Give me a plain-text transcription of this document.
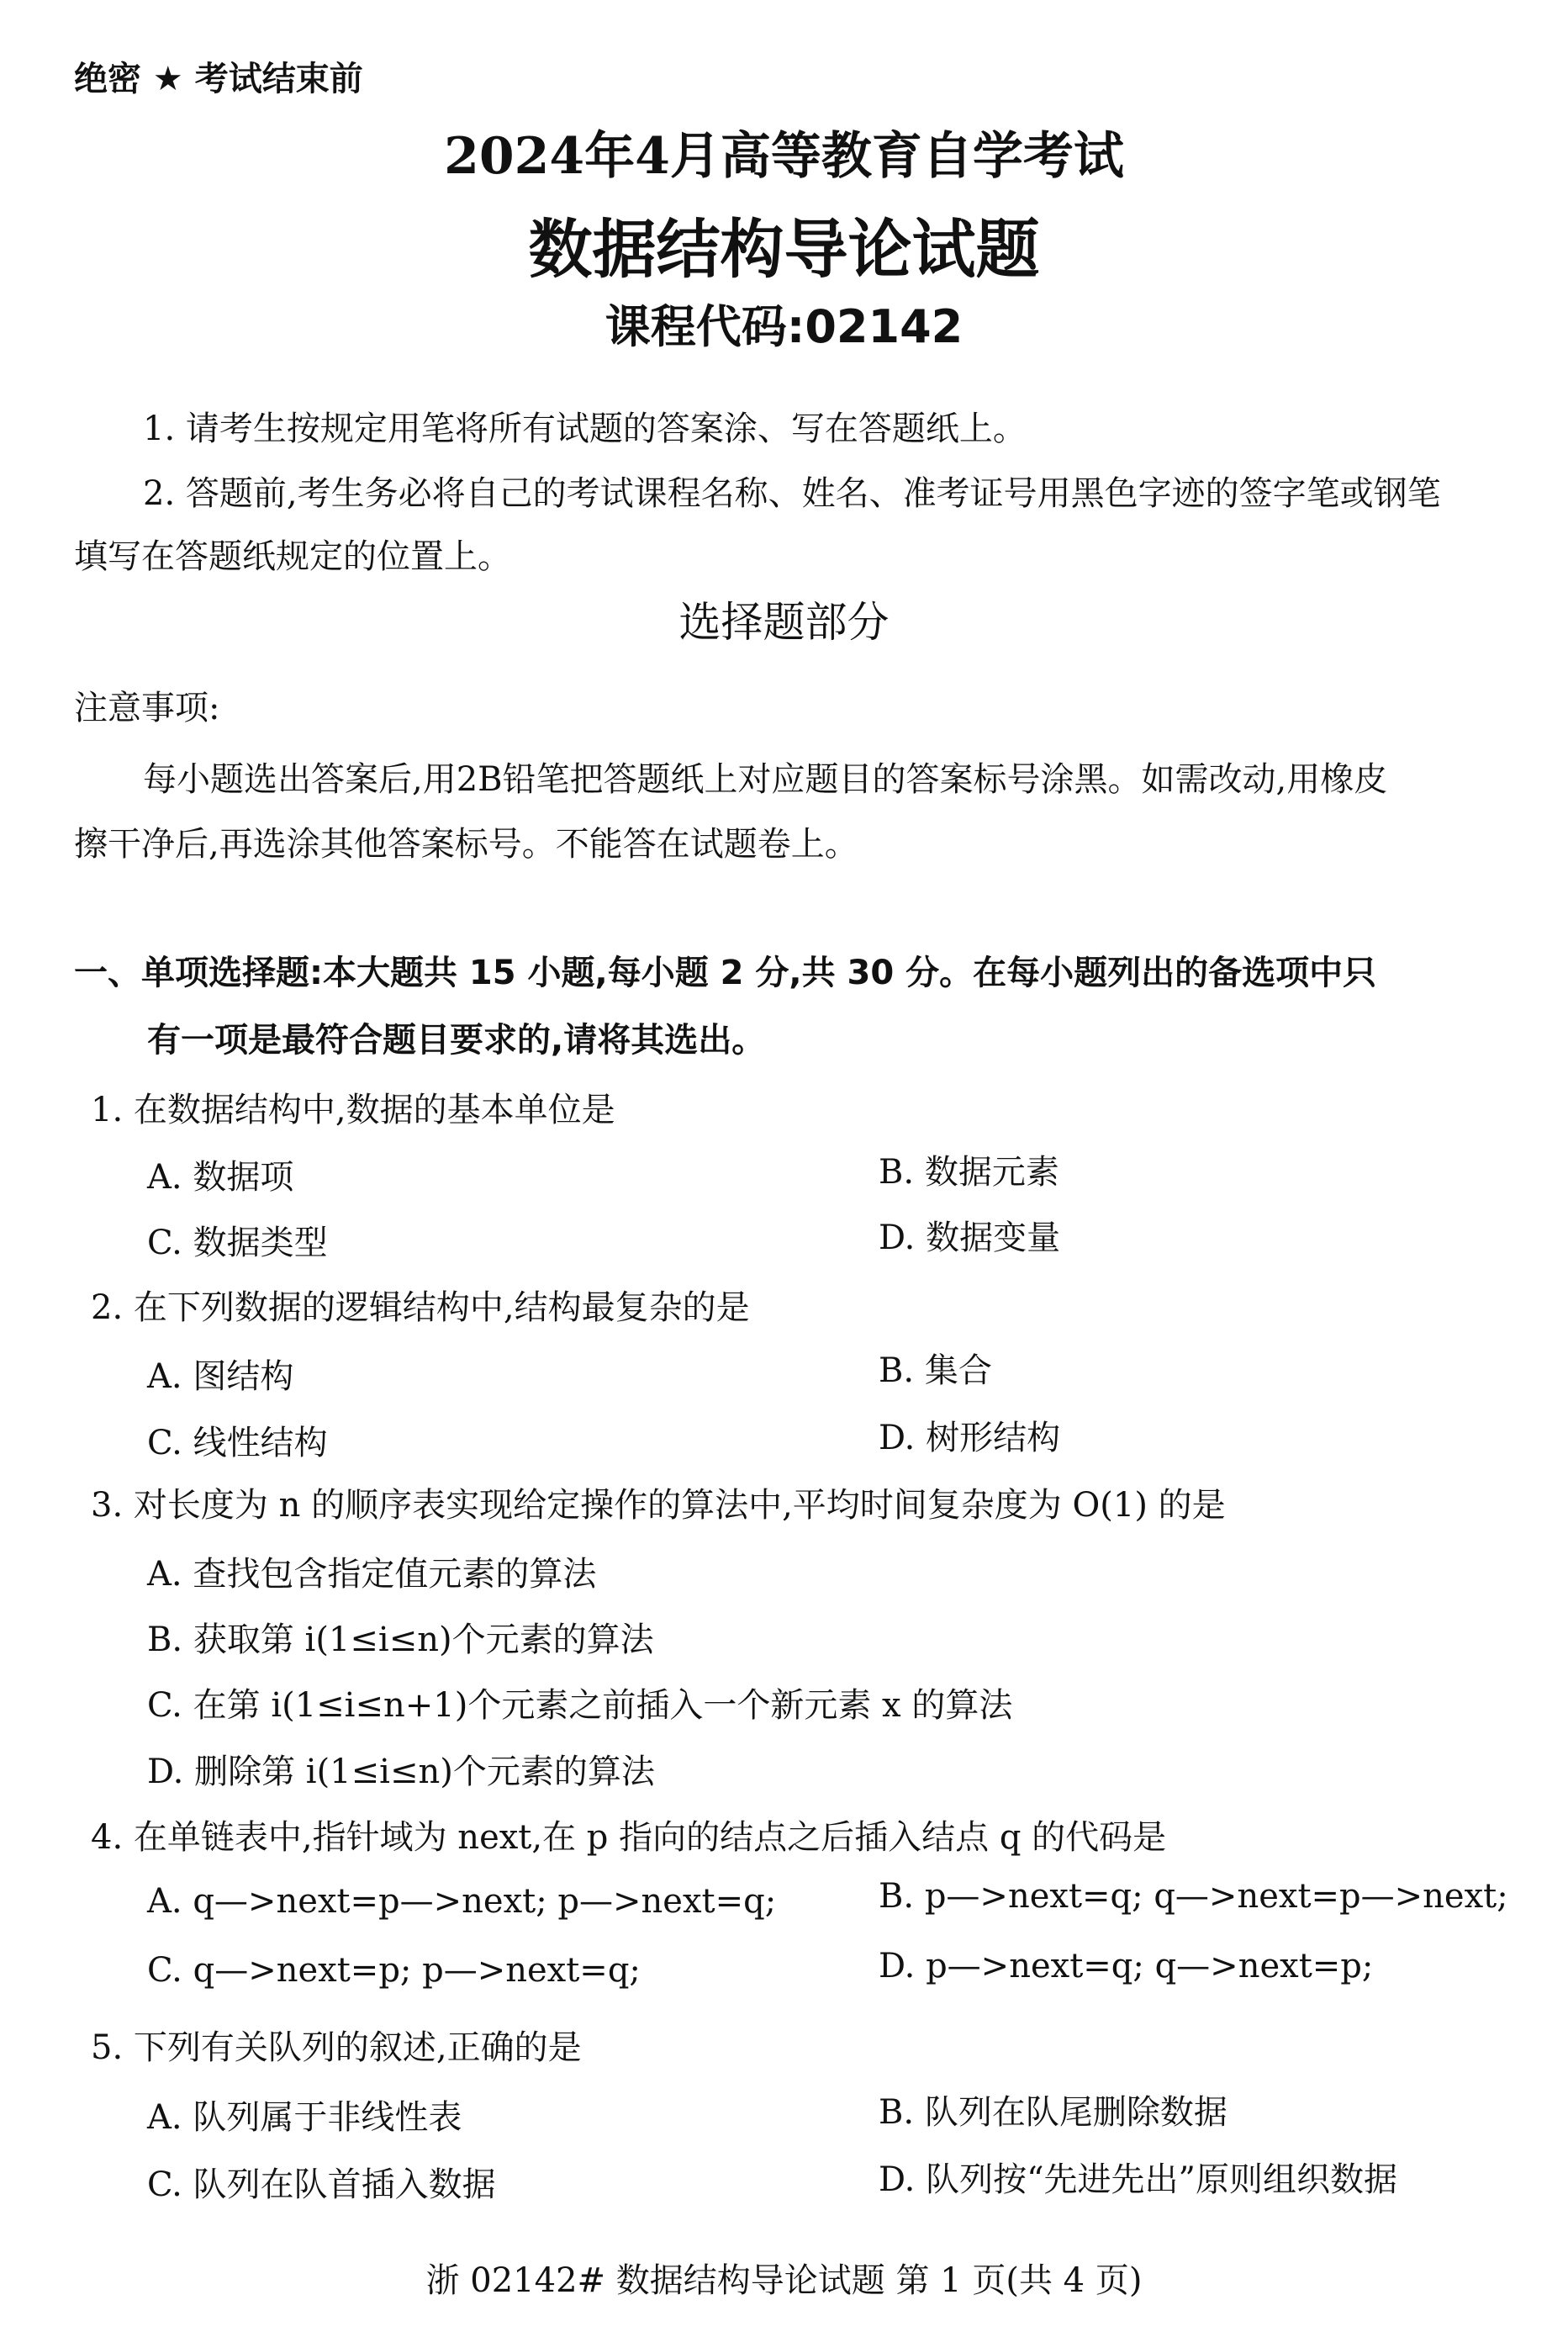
绝密 ★ 考试结束前
2024年4月高等教育自学考试
数据结构导论试题
课程代码:02142
1. 请考生按规定用笔将所有试题的答案涂、写在答题纸上。
2. 答题前,考生务必将自己的考试课程名称、姓名、准考证号用黑色字迹的签字笔或钢笔
填写在答题纸规定的位置上。
选择题部分
注意事项:
每小题选出答案后,用2B铅笔把答题纸上对应题目的答案标号涂黑。如需改动,用橡皮
擦干净后,再选涂其他答案标号。不能答在试题卷上。
一、单项选择题:本大题共 15 小题,每小题 2 分,共 30 分。在每小题列出的备选项中只
有一项是最符合题目要求的,请将其选出。
1. 在数据结构中,数据的基本单位是
A. 数据项	B. 数据元素
C. 数据类型	D. 数据变量
2. 在下列数据的逻辑结构中,结构最复杂的是
A. 图结构	B. 集合
C. 线性结构	D. 树形结构
3. 对长度为 n 的顺序表实现给定操作的算法中,平均时间复杂度为 O(1) 的是
A. 查找包含指定值元素的算法
B. 获取第 i(1≤i≤n)个元素的算法
C. 在第 i(1≤i≤n+1)个元素之前插入一个新元素 x 的算法
D. 删除第 i(1≤i≤n)个元素的算法
4. 在单链表中,指针域为 next,在 p 指向的结点之后插入结点 q 的代码是
A. q—>next=p—>next; p—>next=q;	B. p—>next=q; q—>next=p—>next;
C. q—>next=p; p—>next=q;	D. p—>next=q; q—>next=p;
5. 下列有关队列的叙述,正确的是
A. 队列属于非线性表	B. 队列在队尾删除数据
C. 队列在队首插入数据	D. 队列按“先进先出”原则组织数据
浙 02142# 数据结构导论试题 第 1 页(共 4 页)
